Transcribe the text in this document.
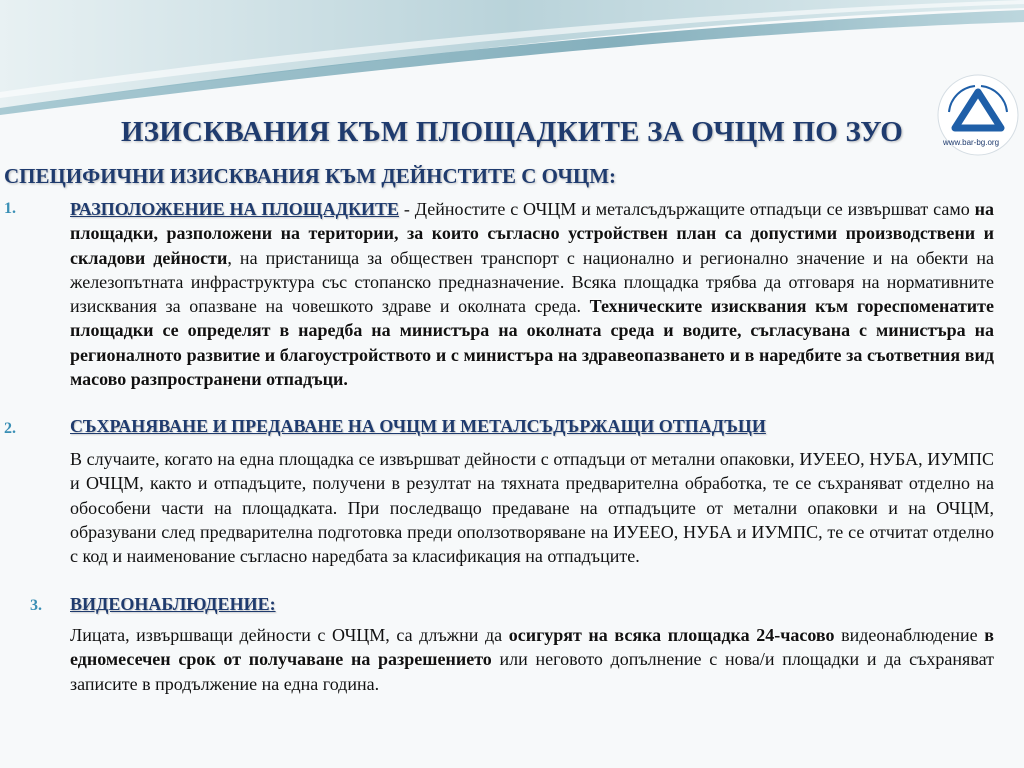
www.bar-bg.org
ИЗИСКВАНИЯ КЪМ ПЛОЩАДКИТЕ ЗА ОЧЦМ ПО ЗУО
СПЕЦИФИЧНИ ИЗИСКВАНИЯ КЪМ ДЕЙНСТИТЕ С ОЧЦМ:
1.	РАЗПОЛОЖЕНИЕ НА ПЛОЩАДКИТЕ - Дейностите с ОЧЦМ и металсъдържащите отпадъци се извършват само на площадки, разположени на територии, за които съгласно устройствен план са допустими производствени и складови дейности, на пристанища за обществен транспорт с национално и регионално значение и на обекти на железопътната инфраструктура със стопанско предназначение. Всяка площадка трябва да отговаря на нормативните изисквания за опазване на човешкото здраве и околната среда. Техническите изисквания към гореспоменатите площадки се определят в наредба на министъра на околната среда и водите, съгласувана с министъра на регионалното развитие и благоустройството и с министъра на здравеопазването и в наредбите за съответния вид масово разпространени отпадъци.
2.	СЪХРАНЯВАНЕ И ПРЕДАВАНЕ НА ОЧЦМ И МЕТАЛСЪДЪРЖАЩИ ОТПАДЪЦИ
В случаите, когато на една площадка се извършват дейности с отпадъци от метални опаковки, ИУЕЕО, НУБА, ИУМПС и ОЧЦМ, както и отпадъците, получени в резултат на тяхната предварителна обработка, те се съхраняват отделно на обособени части на площадката. При последващо предаване на отпадъците от метални опаковки и на ОЧЦМ, образувани след предварителна подготовка преди оползотворяване на ИУЕЕО, НУБА и ИУМПС, те се отчитат отделно с код и наименование съгласно наредбата за класификация на отпадъците.
3. ВИДЕОНАБЛЮДЕНИЕ:
Лицата, извършващи дейности с ОЧЦМ, са длъжни да осигурят на всяка площадка 24-часово видеонаблюдение в едномесечен срок от получаване на разрешението или неговото допълнение с нова/и площадки и да съхраняват записите в продължение на една година.
